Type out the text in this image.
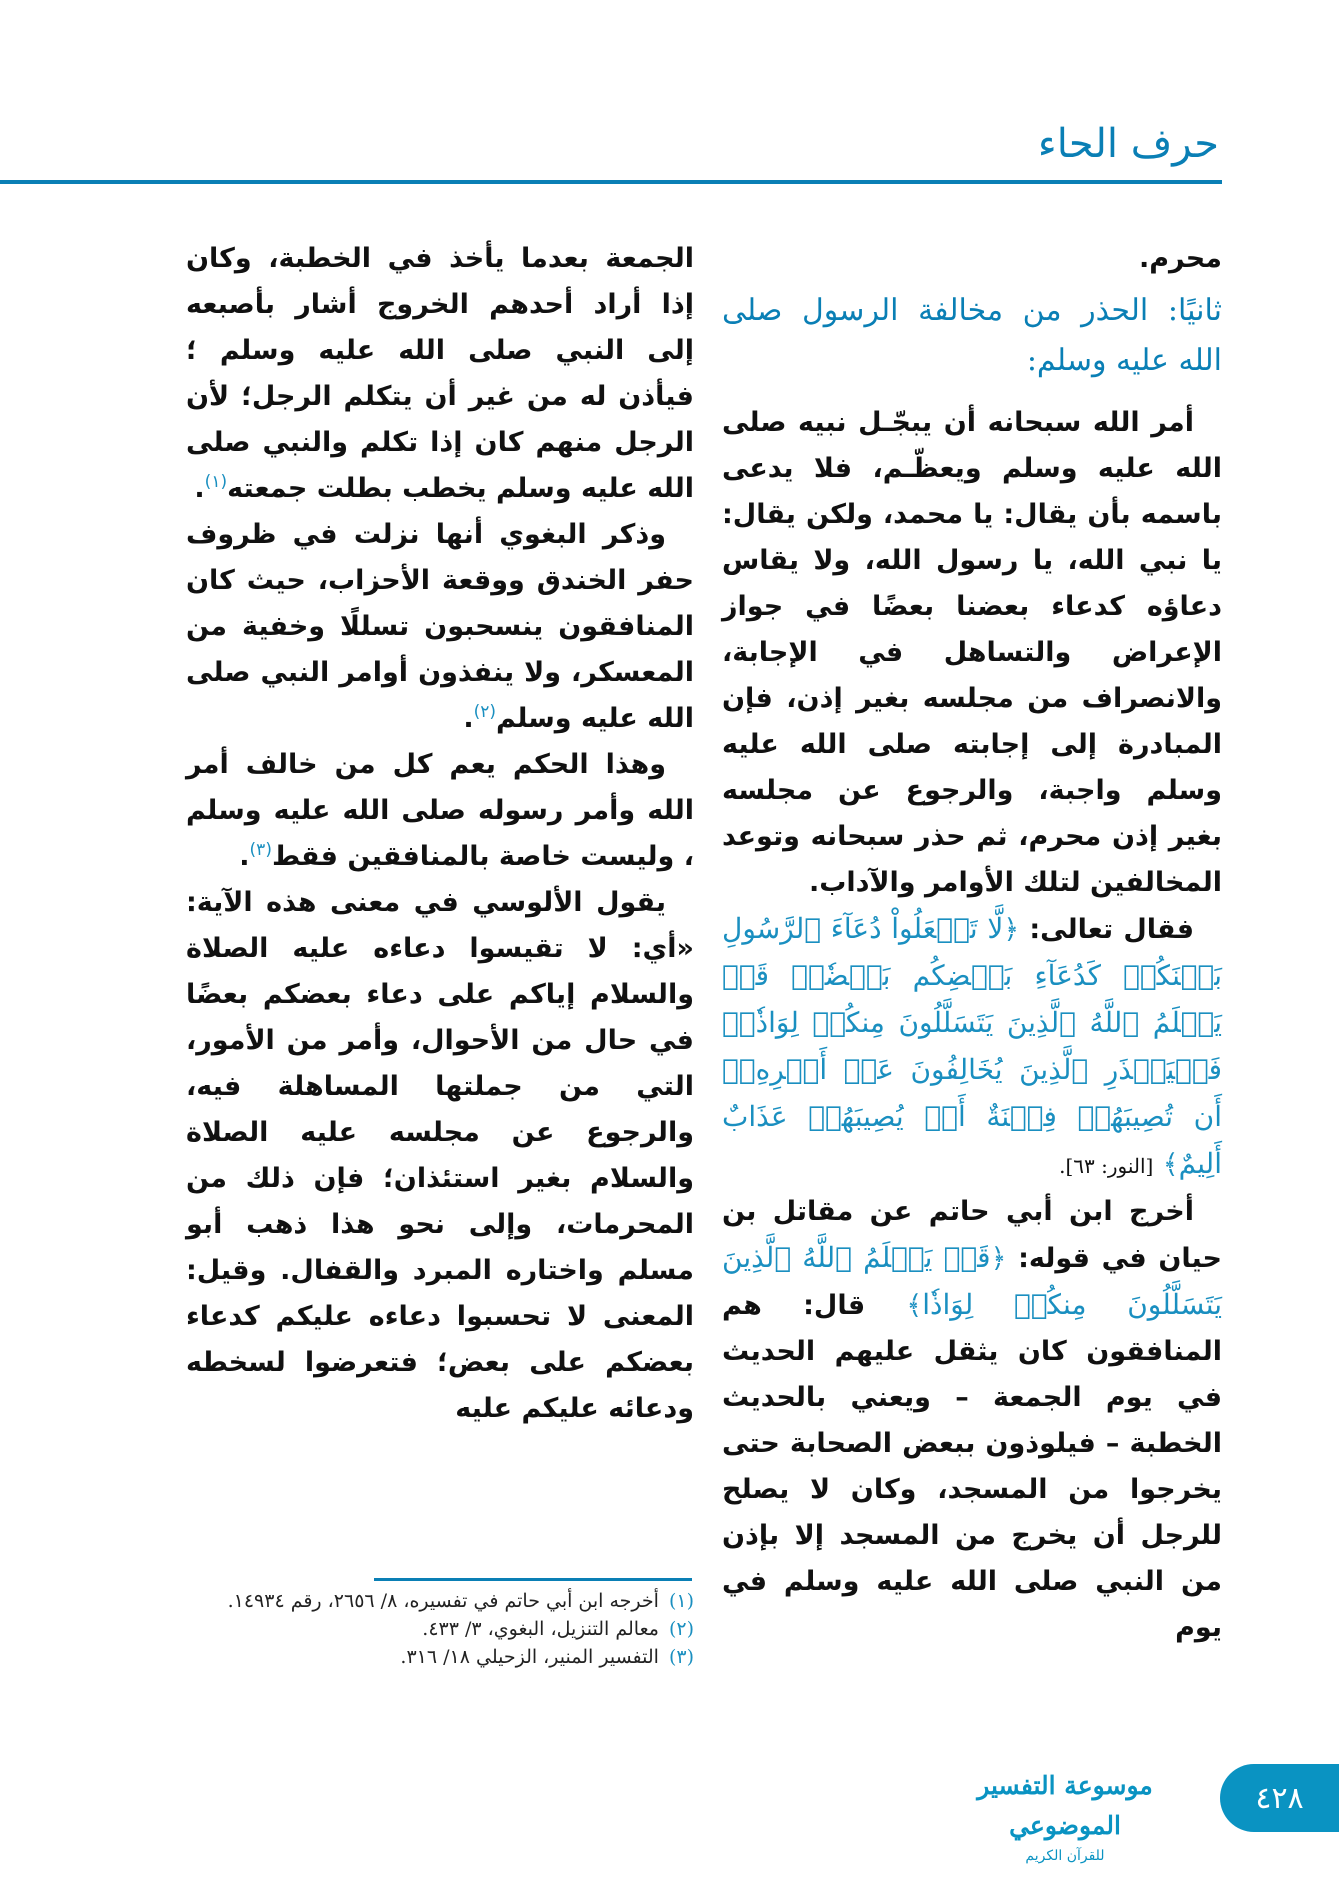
حرف الحاء

محرم.

ثانيًا: الحذر من مخالفة الرسول صلى الله عليه وسلم:

أمر الله سبحانه أن يبجّـل نبيه صلى الله عليه وسلم ويعظّـم، فلا يدعى باسمه بأن يقال: يا محمد، ولكن يقال: يا نبي الله، يا رسول الله، ولا يقاس دعاؤه كدعاء بعضنا بعضًا في جواز الإعراض والتساهل في الإجابة، والانصراف من مجلسه بغير إذن، فإن المبادرة إلى إجابته صلى الله عليه وسلم واجبة، والرجوع عن مجلسه بغير إذن محرم، ثم حذر سبحانه وتوعد المخالفين لتلك الأوامر والآداب.

فقال تعالى: ﴿لَّا تَجۡعَلُواْ دُعَآءَ ٱلرَّسُولِ بَيۡنَكُمۡ كَدُعَآءِ بَعۡضِكُم بَعۡضٗاۚ قَدۡ يَعۡلَمُ ٱللَّهُ ٱلَّذِينَ يَتَسَلَّلُونَ مِنكُمۡ لِوَاذٗاۚ فَلۡيَحۡذَرِ ٱلَّذِينَ يُخَالِفُونَ عَنۡ أَمۡرِهِۦٓ أَن تُصِيبَهُمۡ فِتۡنَةٌ أَوۡ يُصِيبَهُمۡ عَذَابٌ أَلِيمٌ﴾ [النور: ٦٣].

أخرج ابن أبي حاتم عن مقاتل بن حيان في قوله: ﴿قَدۡ يَعۡلَمُ ٱللَّهُ ٱلَّذِينَ يَتَسَلَّلُونَ مِنكُمۡ لِوَاذٗا﴾ قال: هم المنافقون كان يثقل عليهم الحديث في يوم الجمعة – ويعني بالحديث الخطبة – فيلوذون ببعض الصحابة حتى يخرجوا من المسجد، وكان لا يصلح للرجل أن يخرج من المسجد إلا بإذن من النبي صلى الله عليه وسلم في يوم

الجمعة بعدما يأخذ في الخطبة، وكان إذا أراد أحدهم الخروج أشار بأصبعه إلى النبي صلى الله عليه وسلم ؛ فيأذن له من غير أن يتكلم الرجل؛ لأن الرجل منهم كان إذا تكلم والنبي صلى الله عليه وسلم يخطب بطلت جمعته$^{(١)}$.

وذكر البغوي أنها نزلت في ظروف حفر الخندق ووقعة الأحزاب، حيث كان المنافقون ينسحبون تسللًا وخفية من المعسكر، ولا ينفذون أوامر النبي صلى الله عليه وسلم$^{(٢)}$.

وهذا الحكم يعم كل من خالف أمر الله وأمر رسوله صلى الله عليه وسلم ، وليست خاصة بالمنافقين فقط$^{(٣)}$.

يقول الألوسي في معنى هذه الآية: «أي: لا تقيسوا دعاءه عليه الصلاة والسلام إياكم على دعاء بعضكم بعضًا في حال من الأحوال، وأمر من الأمور، التي من جملتها المساهلة فيه، والرجوع عن مجلسه عليه الصلاة والسلام بغير استئذان؛ فإن ذلك من المحرمات، وإلى نحو هذا ذهب أبو مسلم واختاره المبرد والقفال. وقيل: المعنى لا تحسبوا دعاءه عليكم كدعاء بعضكم على بعض؛ فتعرضوا لسخطه ودعائه عليكم عليه

(١)
أخرجه ابن أبي حاتم في تفسيره، ٨/ ٢٦٥٦، رقم ١٤٩٣٤.
(٢)
معالم التنزيل، البغوي، ٣/ ٤٣٣.
(٣)
التفسير المنير، الزحيلي ١٨/ ٣١٦.
موسوعة التفسير الموضوعي
للقرآن الكريم
٤٢٨
